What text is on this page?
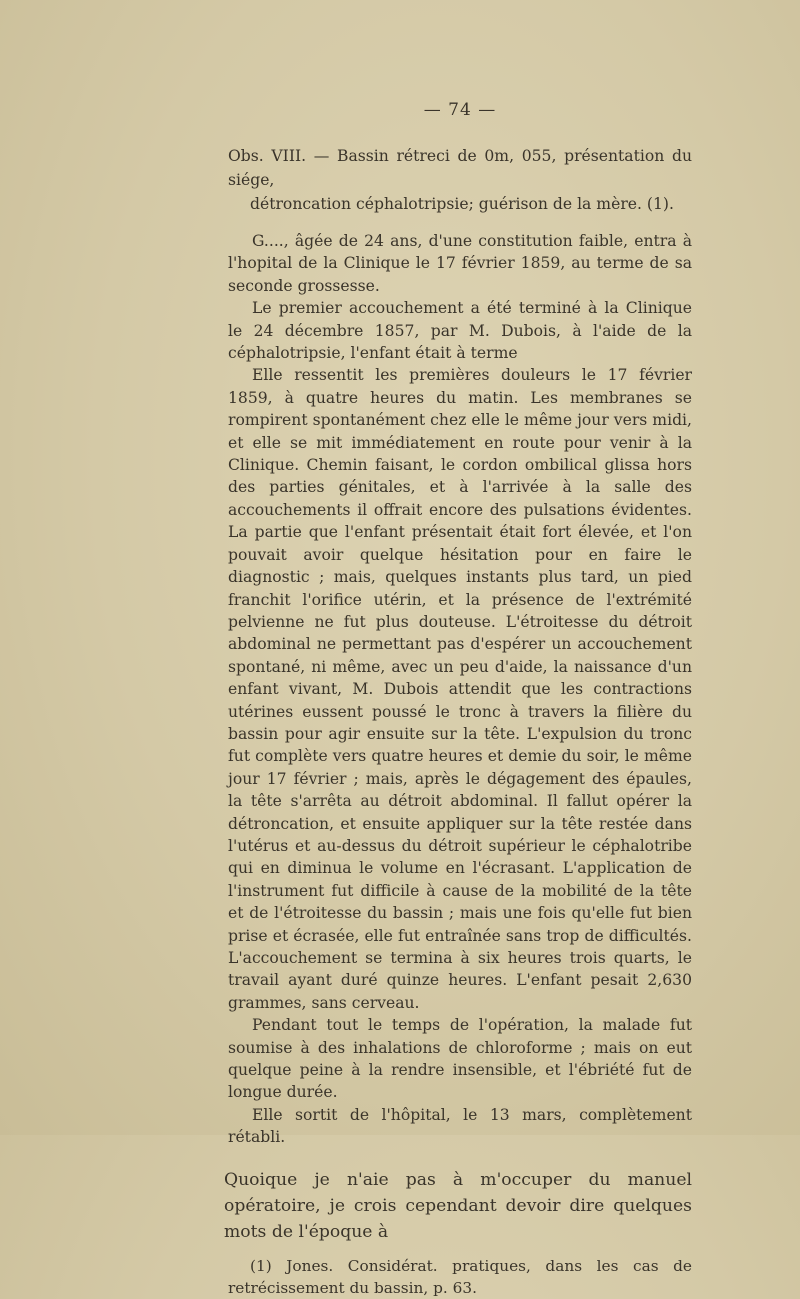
— 74 —
Obs. VIII. — Bassin rétreci de 0m, 055, présentation du siége,
détroncation céphalotripsie; guérison de la mère. (1).

G...., âgée de 24 ans, d'une constitution faible, entra à l'hopital de la Clinique le 17 février 1859, au terme de sa seconde grossesse.

Le premier accouchement a été terminé à la Clinique le 24 décembre 1857, par M. Dubois, à l'aide de la céphalotripsie, l'enfant était à terme

Elle ressentit les premières douleurs le 17 février 1859, à quatre heures du matin. Les membranes se rompirent spontanément chez elle le même jour vers midi, et elle se mit immédiatement en route pour venir à la Clinique. Chemin faisant, le cordon ombilical glissa hors des parties génitales, et à l'arrivée à la salle des accouchements il offrait encore des pulsations évidentes. La partie que l'enfant présentait était fort élevée, et l'on pouvait avoir quelque hésitation pour en faire le diagnostic ; mais, quelques instants plus tard, un pied franchit l'orifice utérin, et la présence de l'extrémité pelvienne ne fut plus douteuse. L'étroitesse du détroit abdominal ne permettant pas d'espérer un accouchement spontané, ni même, avec un peu d'aide, la naissance d'un enfant vivant, M. Dubois attendit que les contractions utérines eussent poussé le tronc à travers la filière du bassin pour agir ensuite sur la tête. L'expulsion du tronc fut complète vers quatre heures et demie du soir, le même jour 17 février ; mais, après le dégagement des épaules, la tête s'arrêta au détroit abdominal. Il fallut opérer la détroncation, et ensuite appliquer sur la tête restée dans l'utérus et au-dessus du détroit supérieur le céphalotribe qui en diminua le volume en l'écrasant. L'application de l'instrument fut difficile à cause de la mobilité de la tête et de l'étroitesse du bassin ; mais une fois qu'elle fut bien prise et écrasée, elle fut entraînée sans trop de difficultés. L'accouchement se termina à six heures trois quarts, le travail ayant duré quinze heures. L'enfant pesait 2,630 grammes, sans cerveau.

Pendant tout le temps de l'opération, la malade fut soumise à des inhalations de chloroforme ; mais on eut quelque peine à la rendre insensible, et l'ébriété fut de longue durée.

Elle sortit de l'hôpital, le 13 mars, complètement rétabli.

Quoique je n'aie pas à m'occuper du manuel opératoire, je crois cependant devoir dire quelques mots de l'époque à

(1) Jones. Considérat. pratiques, dans les cas de retrécissement du bassin, p. 63.
